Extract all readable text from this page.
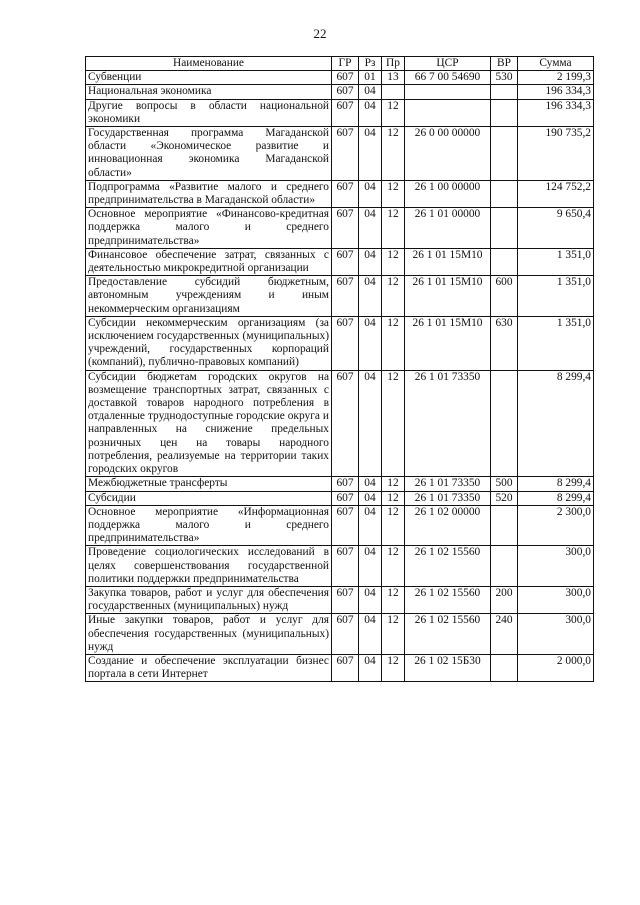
22
Наименование	ГР	Рз	Пр	ЦСР	ВР	Сумма
Субвенции	607	01	13	66 7 00 54690	530	2 199,3
Национальная экономика	607	04				196 334,3
Другие вопросы в области национальной экономики	607	04	12			196 334,3
Государственная программа Магаданской области «Экономическое развитие и инновационная экономика Магаданской области»	607	04	12	26 0 00 00000		190 735,2
Подпрограмма «Развитие малого и среднего предпринимательства в Магаданской области»	607	04	12	26 1 00 00000		124 752,2
Основное мероприятие «Финансово-кредитная поддержка малого и среднего предпринимательства»	607	04	12	26 1 01 00000		9 650,4
Финансовое обеспечение затрат, связанных с деятельностью микрокредитной организации	607	04	12	26 1 01 15М10		1 351,0
Предоставление субсидий бюджетным, автономным учреждениям и иным некоммерческим организациям	607	04	12	26 1 01 15М10	600	1 351,0
Субсидии некоммерческим организациям (за исключением государственных (муниципальных) учреждений, государственных корпораций (компаний), публично-правовых компаний)	607	04	12	26 1 01 15М10	630	1 351,0
Субсидии бюджетам городских округов на возмещение транспортных затрат, связанных с доставкой товаров народного потребления в отдаленные труднодоступные городские округа и направленных на снижение предельных розничных цен на товары народного потребления, реализуемые на территории таких городских округов	607	04	12	26 1 01 73350		8 299,4
Межбюджетные трансферты	607	04	12	26 1 01 73350	500	8 299,4
Субсидии	607	04	12	26 1 01 73350	520	8 299,4
Основное мероприятие «Информационная поддержка малого и среднего предпринимательства»	607	04	12	26 1 02 00000		2 300,0
Проведение социологических исследований в целях совершенствования государственной политики поддержки предпринимательства	607	04	12	26 1 02 15560		300,0
Закупка товаров, работ и услуг для обеспечения государственных (муниципальных) нужд	607	04	12	26 1 02 15560	200	300,0
Иные закупки товаров, работ и услуг для обеспечения государственных (муниципальных) нужд	607	04	12	26 1 02 15560	240	300,0
Создание и обеспечение эксплуатации бизнес портала в сети Интернет	607	04	12	26 1 02 15Б30		2 000,0
